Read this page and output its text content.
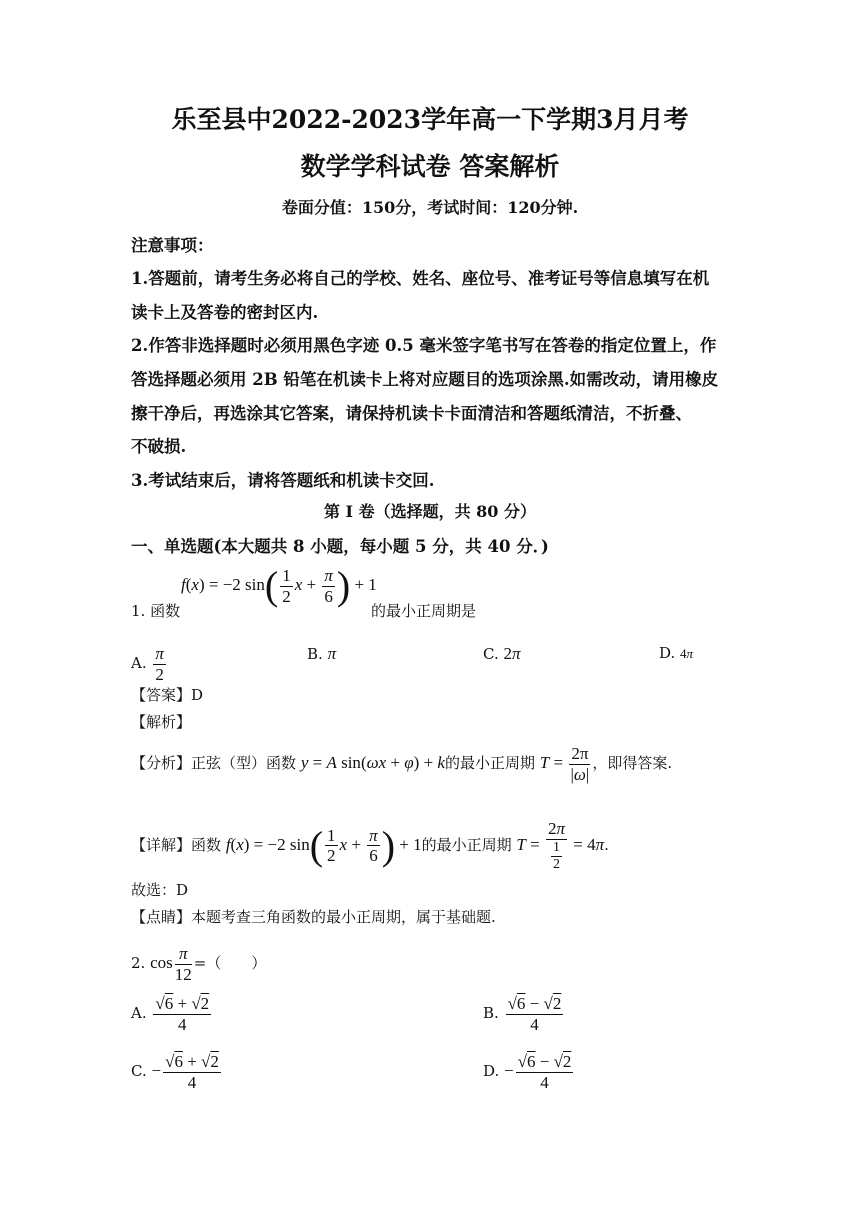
乐至县中2022-2023学年高一下学期3月月考
数学学科试卷 答案解析
卷面分值：150分，考试时间：120分钟.
注意事项：
1.答题前，请考生务必将自己的学校、姓名、座位号、准考证号等信息填写在机
读卡上及答卷的密封区内.
2.作答非选择题时必须用黑色字迹 0.5 毫米签字笔书写在答卷的指定位置上，作
答选择题必须用 2B 铅笔在机读卡上将对应题目的选项涂黑.如需改动，请用橡皮
擦干净后，再选涂其它答案，请保持机读卡卡面清洁和答题纸清洁，不折叠、
不破损.
3.考试结束后，请将答题纸和机读卡交回.
第 I 卷（选择题，共 80 分）
一、单选题(本大题共 8 小题，每小题 5 分，共 40 分．)
f(x) = −2 $\sin( \frac{1}{2}$ $x + \frac{\pi}{6}$ ) + 1
1. 函数	的最小正周期是
A. $\frac{\pi}{2}$	B. π	C. 2π	D. 4π
【答案】D
【解析】
【分析】正弦（型）函数 y = A sin(ωx + φ) + k的最小正周期 $T = \frac{2\pi}{|\omega|}$ ，即得答案.
【详解】函数 f(x) = −2 $\sin( \frac{1}{2}$ $x + \frac{\pi}{6}$ ) + 1的最小正周期 $T = \frac{2\pi}{\frac{1}{2}} = 4\pi$.
故选：D
【点睛】本题考查三角函数的最小正周期，属于基础题.
2. $\cos \frac{\pi}{12}$ =（　　）
A. $\frac{√6 + √2}{4}$	B. $\frac{√6 - √2}{4}$
C. − $\frac{√6 + √2}{4}$	D. − $\frac{√6 - √2}{4}$
